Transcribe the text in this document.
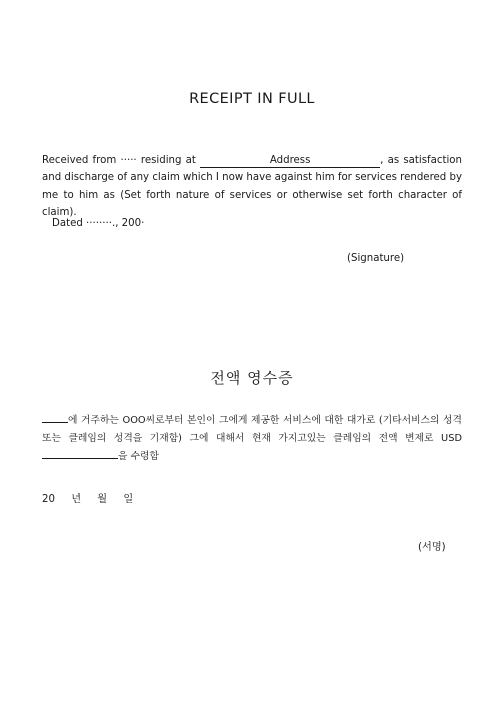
RECEIPT IN FULL
Received from ····· residing at	Address	, as satisfaction and discharge of any claim which I now have against him for services rendered by me to him as (Set forth nature of services or otherwise set forth character of claim).
Dated ········., 200·
(Signature)
전액 영수증
에 거주하는 OOO씨로부터 본인이 그에게 제공한 서비스에 대한 대가로 (기타서비스의 성격 또는 클레임의 성격을 기재함) 그에 대해서 현재 가지고있는 클레임의 전액 변제로 USD을 수령함
20 년 월 일
(서명)
